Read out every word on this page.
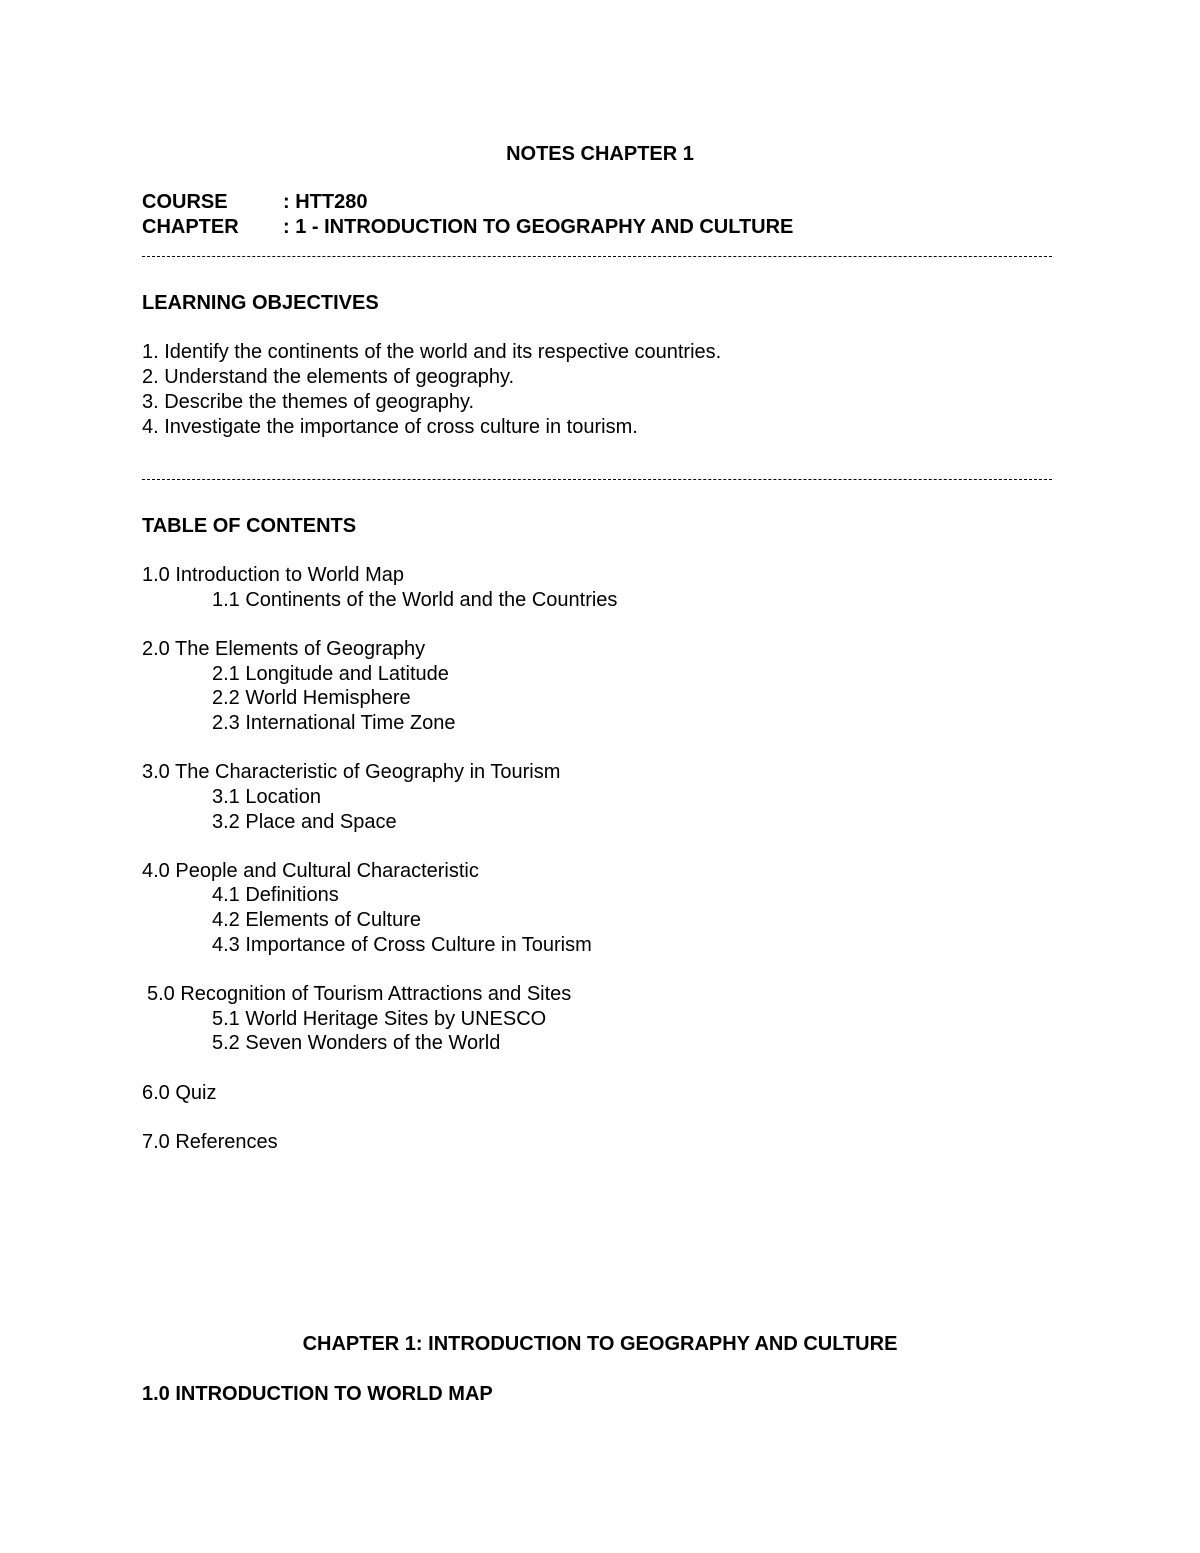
NOTES CHAPTER 1
COURSE	: HTT280
CHAPTER	: 1 - INTRODUCTION TO GEOGRAPHY AND CULTURE
LEARNING OBJECTIVES
1. Identify the continents of the world and its respective countries.
2. Understand the elements of geography.
3. Describe the themes of geography.
4. Investigate the importance of cross culture in tourism.
TABLE OF CONTENTS
1.0 Introduction to World Map
1.1 Continents of the World and the Countries
2.0 The Elements of Geography
2.1 Longitude and Latitude
2.2 World Hemisphere
2.3 International Time Zone
3.0 The Characteristic of Geography in Tourism
3.1 Location
3.2 Place and Space
4.0 People and Cultural Characteristic
4.1 Definitions
4.2 Elements of Culture
4.3 Importance of Cross Culture in Tourism
5.0 Recognition of Tourism Attractions and Sites
5.1 World Heritage Sites by UNESCO
5.2 Seven Wonders of the World
6.0 Quiz
7.0 References
CHAPTER 1: INTRODUCTION TO GEOGRAPHY AND CULTURE
1.0 INTRODUCTION TO WORLD MAP
